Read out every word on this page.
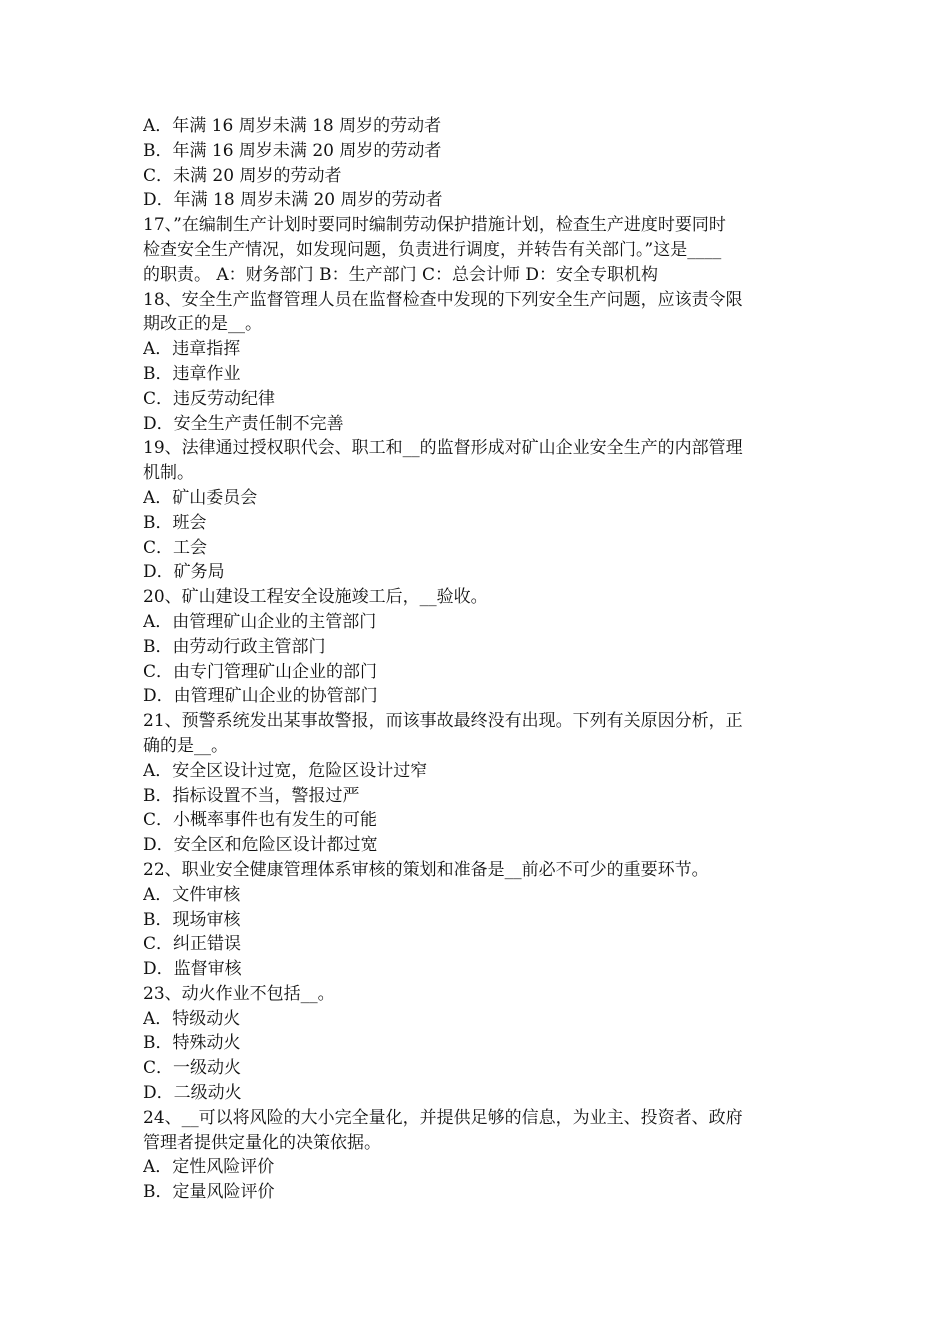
A．年满 16 周岁未满 18 周岁的劳动者
B．年满 16 周岁未满 20 周岁的劳动者
C．未满 20 周岁的劳动者
D．年满 18 周岁未满 20 周岁的劳动者
17、”在编制生产计划时要同时编制劳动保护措施计划，检查生产进度时要同时
检查安全生产情况，如发现问题，负责进行调度，并转告有关部门。”这是____
的职责。 A：财务部门 B：生产部门 C：总会计师 D：安全专职机构
18、安全生产监督管理人员在监督检查中发现的下列安全生产问题，应该责令限
期改正的是__。
A．违章指挥
B．违章作业
C．违反劳动纪律
D．安全生产责任制不完善
19、法律通过授权职代会、职工和__的监督形成对矿山企业安全生产的内部管理
机制。
A．矿山委员会
B．班会
C．工会
D．矿务局
20、矿山建设工程安全设施竣工后，__验收。
A．由管理矿山企业的主管部门
B．由劳动行政主管部门
C．由专门管理矿山企业的部门
D．由管理矿山企业的协管部门
21、预警系统发出某事故警报，而该事故最终没有出现。下列有关原因分析，正
确的是__。
A．安全区设计过宽，危险区设计过窄
B．指标设置不当，警报过严
C．小概率事件也有发生的可能
D．安全区和危险区设计都过宽
22、职业安全健康管理体系审核的策划和准备是__前必不可少的重要环节。
A．文件审核
B．现场审核
C．纠正错误
D．监督审核
23、动火作业不包括__。
A．特级动火
B．特殊动火
C．一级动火
D．二级动火
24、__可以将风险的大小完全量化，并提供足够的信息，为业主、投资者、政府
管理者提供定量化的决策依据。
A．定性风险评价
B．定量风险评价
